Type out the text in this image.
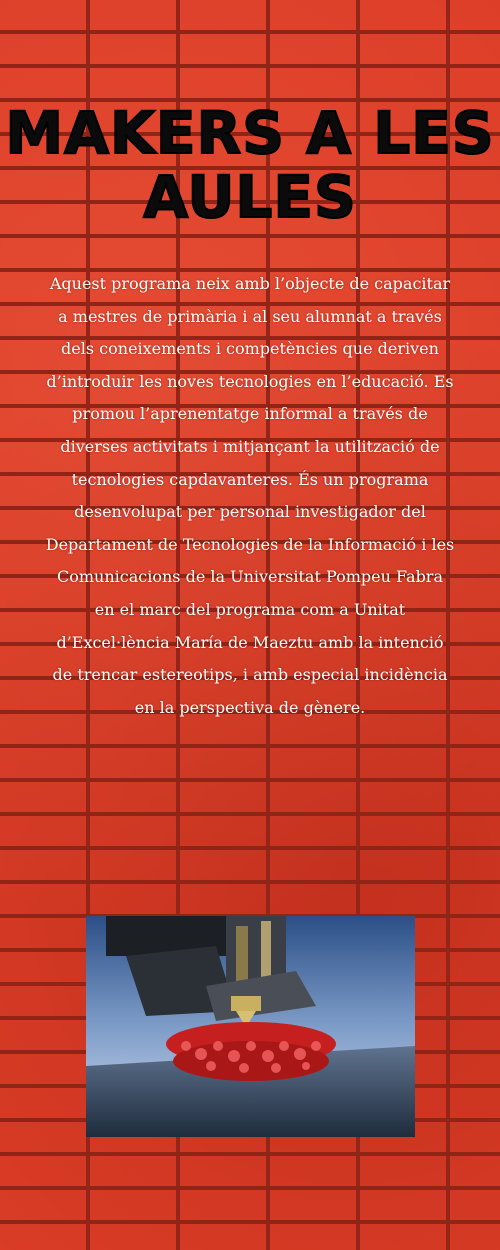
MAKERS A LES
AULES

Aquest programa neix amb l’objecte de capacitar a mestres de primària i al seu alumnat a través dels coneixements i competències que deriven d’introduir les noves tecnologies en l’educació. Es promou l’aprenentatge informal a través de diverses activitats i mitjançant la utilització de tecnologies capdavanteres. És un programa desenvolupat per personal investigador del Departament de Tecnologies de la Informació i les Comunicacions de la Universitat Pompeu Fabra en el marc del programa com a Unitat d’Excel·lència María de Maeztu amb la intenció de trencar estereotips, i amb especial incidència en la perspectiva de gènere.
